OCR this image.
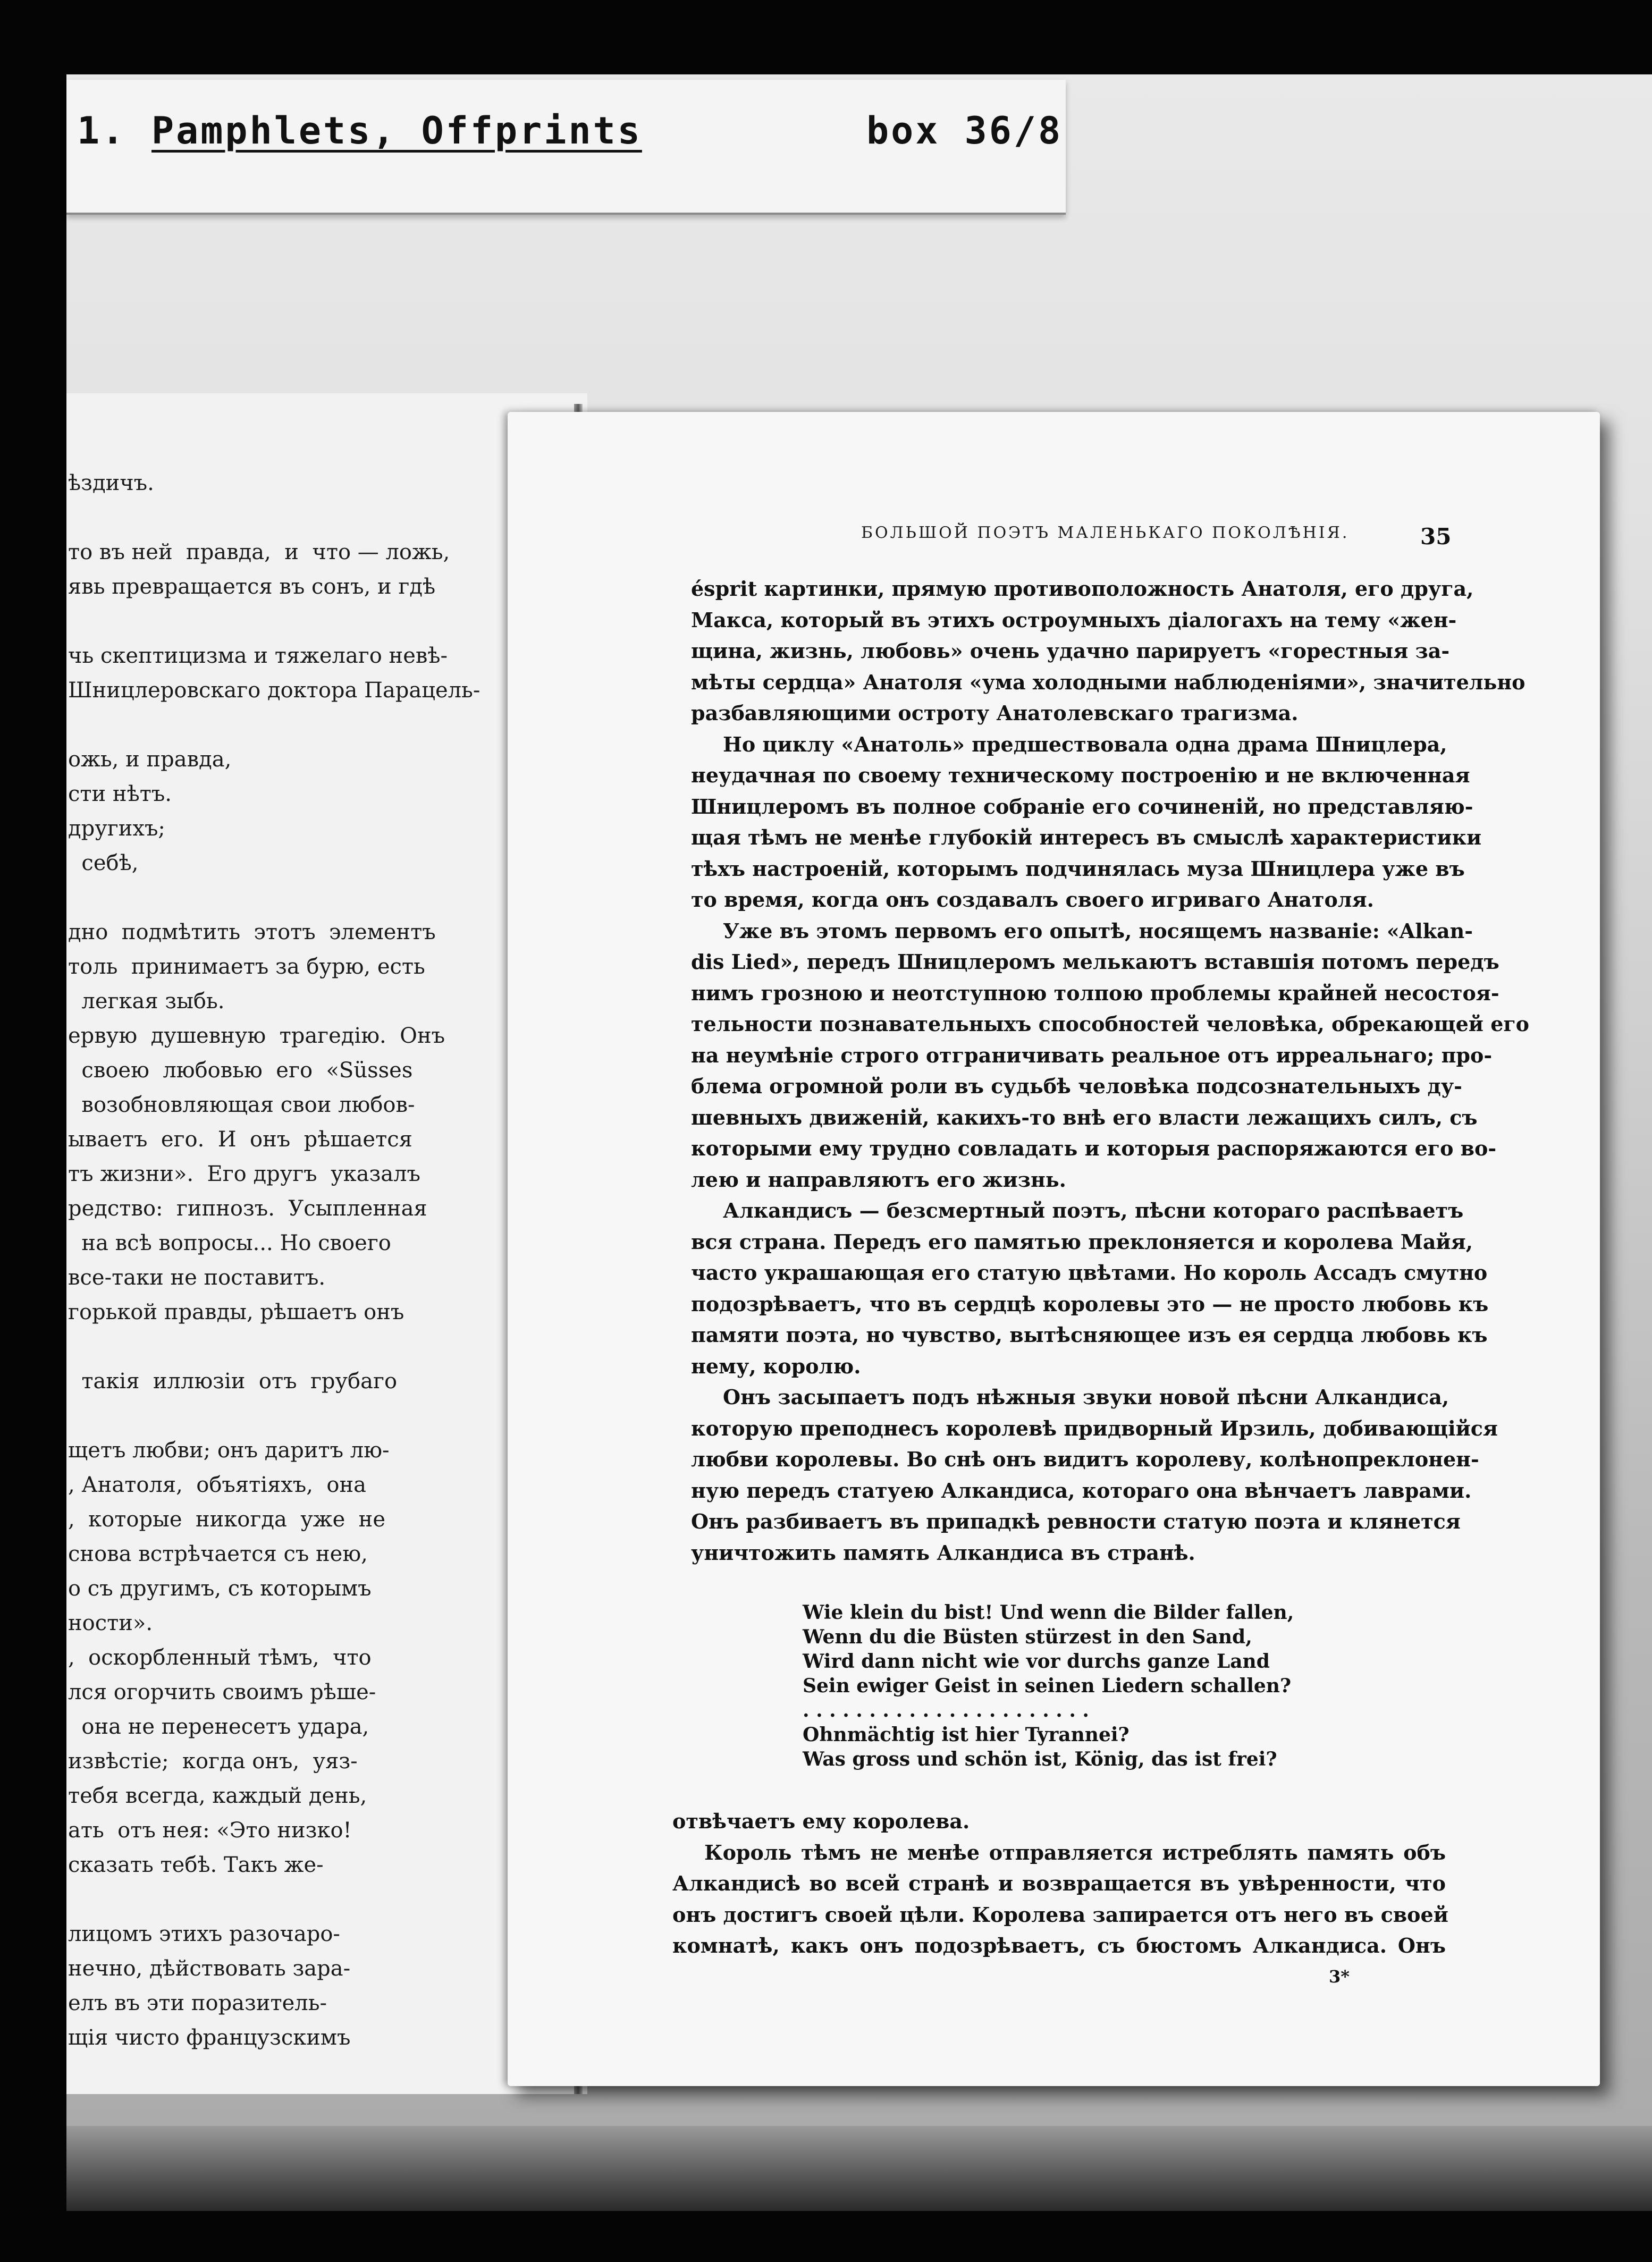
1. Pamphlets, Offprints	box 36/8
ѣздичъ.
то въ ней  правда,  и  что — ложь,
явь превращается въ сонъ, и гдѣ
чь скептицизма и тяжелаго невѣ-
Шницлеровскаго доктора Парацель-
ожь, и правда,
сти нѣтъ.
другихъ;
себѣ,
дно  подмѣтить  этотъ  элементъ
толь  принимаетъ за бурю, есть
легкая зыбь.
ервую  душевную  трагедію.  Онъ
своею  любовью  его  «Süsses
возобновляющая свои любов-
ываетъ  его.  И  онъ  рѣшается
тъ жизни».  Его другъ  указалъ
редство:  гипнозъ.  Усыпленная
на всѣ вопросы... Но своего
все-таки не поставитъ.
горькой правды, рѣшаетъ онъ
такія  иллюзіи  отъ  грубаго
щетъ любви; онъ даритъ лю-
, Анатоля,  объятіяхъ,  она
,  которые  никогда  уже  не
снова встрѣчается съ нею,
о съ другимъ, съ которымъ
ности».
,  оскорбленный тѣмъ,  что
лся огорчить своимъ рѣше-
она не перенесетъ удара,
извѣстіе;  когда онъ,  уяз-
тебя всегда, каждый день,
ать  отъ нея: «Это низко!
сказать тебѣ. Такъ же-
лицомъ этихъ разочаро-
нечно, дѣйствовать зара-
елъ въ эти поразитель-
щія чисто французскимъ
БОЛЬШОЙ ПОЭТЪ МАЛЕНЬКАГО ПОКОЛѢНІЯ.	35
ésprit картинки, прямую противоположность Анатоля, его друга,
Макса, который въ этихъ остроумныхъ діалогахъ на тему «жен-
щина, жизнь, любовь» очень удачно парируетъ «горестныя за-
мѣты сердца» Анатоля «ума холодными наблюденіями», значительно
разбавляющими остроту Анатолевскаго трагизма.
Но циклу «Анатоль» предшествовала одна драма Шницлера,
неудачная по своему техническому построенію и не включенная
Шницлеромъ въ полное собраніе его сочиненій, но представляю-
щая тѣмъ не менѣе глубокій интересъ въ смыслѣ характеристики
тѣхъ настроеній, которымъ подчинялась муза Шницлера уже въ
то время, когда онъ создавалъ своего игриваго Анатоля.
Уже въ этомъ первомъ его опытѣ, носящемъ названіе: «Alkan-
dis Lied», передъ Шницлеромъ мелькаютъ вставшія потомъ передъ
нимъ грозною и неотступною толпою проблемы крайней несостоя-
тельности познавательныхъ способностей человѣка, обрекающей его
на неумѣніе строго отграничивать реальное отъ ирреальнаго; про-
блема огромной роли въ судьбѣ человѣка подсознательныхъ ду-
шевныхъ движеній, какихъ-то внѣ его власти лежащихъ силъ, съ
которыми ему трудно совладать и которыя распоряжаются его во-
лею и направляютъ его жизнь.
Алкандисъ — безсмертный поэтъ, пѣсни котораго распѣваетъ
вся страна. Передъ его памятью преклоняется и королева Майя,
часто украшающая его статую цвѣтами. Но король Ассадъ смутно
подозрѣваетъ, что въ сердцѣ королевы это — не просто любовь къ
памяти поэта, но чувство, вытѣсняющее изъ ея сердца любовь къ
нему, королю.
Онъ засыпаетъ подъ нѣжныя звуки новой пѣсни Алкандиса,
которую преподнесъ королевѣ придворный Ирзиль, добивающійся
любви королевы. Во снѣ онъ видитъ королеву, колѣнопреклонен-
ную передъ статуею Алкандиса, котораго она вѣнчаетъ лаврами.
Онъ разбиваетъ въ припадкѣ ревности статую поэта и клянется
уничтожить память Алкандиса въ странѣ.
Wie klein du bist! Und wenn die Bilder fallen,
Wenn du die Büsten stürzest in den Sand,
Wird dann nicht wie vor durchs ganze Land
Sein ewiger Geist in seinen Liedern schallen?
. . . . . . . . . . . . . . . . . . . . . .
Ohnmächtig ist hier Tyrannei?
Was gross und schön ist, König, das ist frei?
отвѣчаетъ ему королева.
Король тѣмъ не менѣе отправляется истреблять память объ
Алкандисѣ во всей странѣ и возвращается въ увѣренности, что
онъ достигъ своей цѣли. Королева запирается отъ него въ своей
комнатѣ, какъ онъ подозрѣваетъ, съ бюстомъ Алкандиса. Онъ
3*
